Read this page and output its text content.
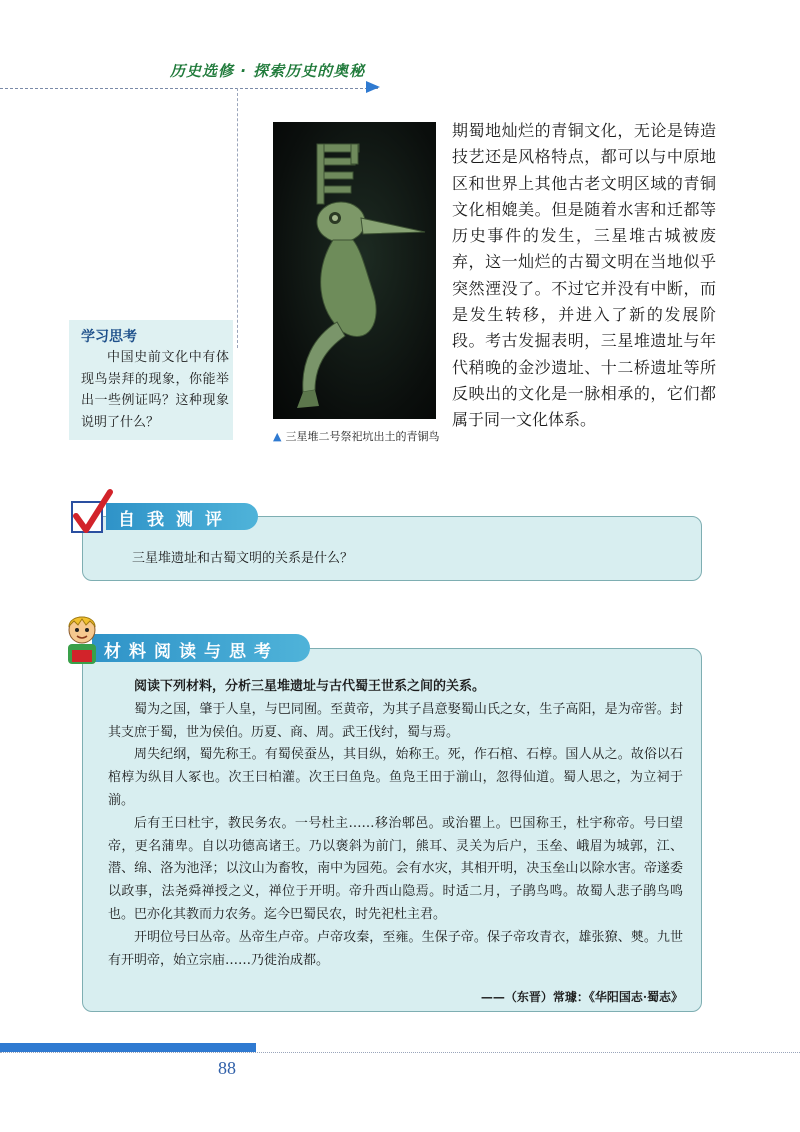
历史选修 · 探索历史的奥秘
▲ 三星堆二号祭祀坑出土的青铜鸟
期蜀地灿烂的青铜文化，无论是铸造技艺还是风格特点，都可以与中原地区和世界上其他古老文明区域的青铜文化相媲美。但是随着水害和迁都等历史事件的发生，三星堆古城被废弃，这一灿烂的古蜀文明在当地似乎突然湮没了。不过它并没有中断，而是发生转移，并进入了新的发展阶段。考古发掘表明，三星堆遗址与年代稍晚的金沙遗址、十二桥遗址等所反映出的文化是一脉相承的，它们都属于同一文化体系。
学习思考
中国史前文化中有体现鸟崇拜的现象，你能举出一些例证吗？这种现象说明了什么？
自我测评
三星堆遗址和古蜀文明的关系是什么？
材料阅读与思考

阅读下列材料，分析三星堆遗址与古代蜀王世系之间的关系。

蜀为之国，肇于人皇，与巴同囿。至黄帝，为其子昌意娶蜀山氏之女，生子高阳，是为帝喾。封其支庶于蜀，世为侯伯。历夏、商、周。武王伐纣，蜀与焉。

周失纪纲，蜀先称王。有蜀侯蚕丛，其目纵，始称王。死，作石棺、石椁。国人从之。故俗以石棺椁为纵目人冢也。次王曰柏灌。次王曰鱼凫。鱼凫王田于湔山，忽得仙道。蜀人思之，为立祠于湔。

后有王曰杜宇，教民务农。一号杜主……移治郫邑。或治瞿上。巴国称王，杜宇称帝。号曰望帝，更名蒲卑。自以功德高诸王。乃以褒斜为前门，熊耳、灵关为后户，玉垒、峨眉为城郭，江、潜、绵、洛为池泽；以汶山为畜牧，南中为园苑。会有水灾，其相开明，决玉垒山以除水害。帝遂委以政事，法尧舜禅授之义，禅位于开明。帝升西山隐焉。时适二月，子鹃鸟鸣。故蜀人悲子鹃鸟鸣也。巴亦化其教而力农务。迄今巴蜀民农，时先祀杜主君。

开明位号曰丛帝。丛帝生卢帝。卢帝攻秦，至雍。生保子帝。保子帝攻青衣，雄张獠、僰。九世有开明帝，始立宗庙……乃徙治成都。

——（东晋）常璩：《华阳国志·蜀志》
88
